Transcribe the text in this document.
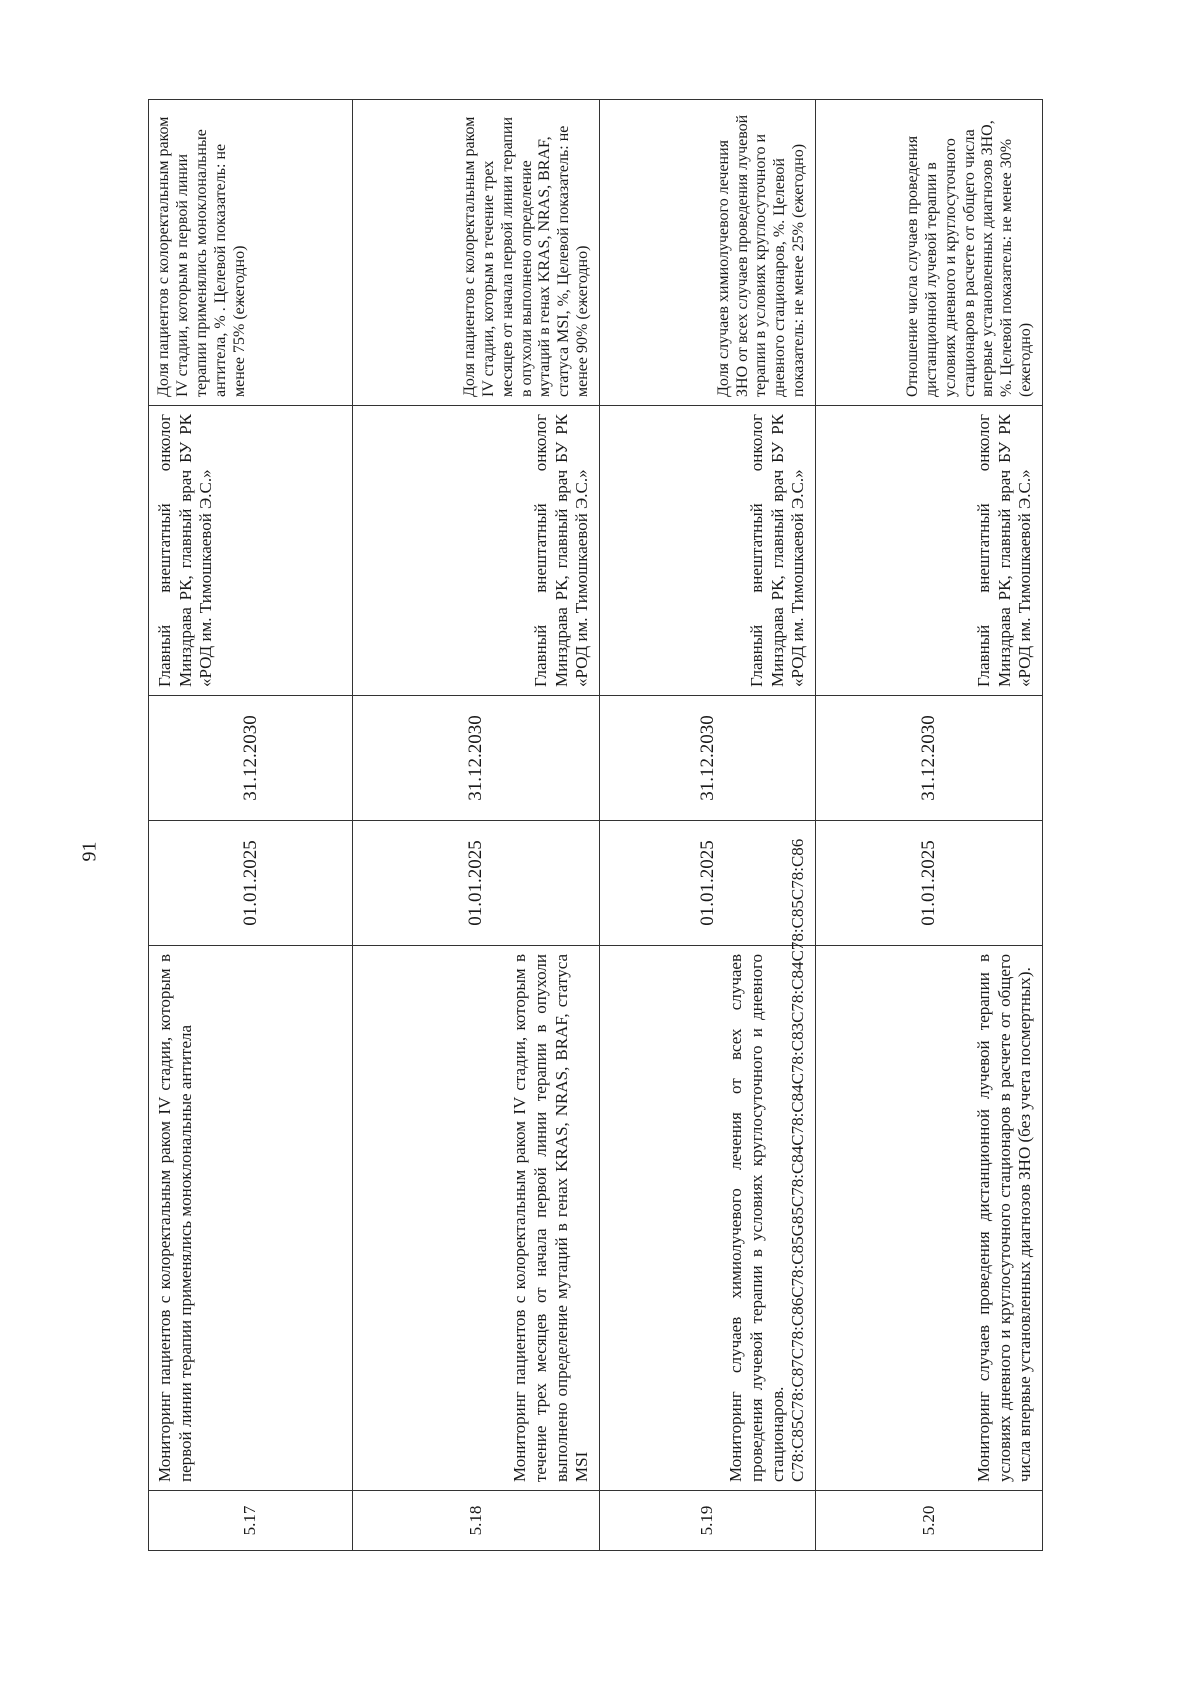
91
5.17	Мониторинг пациентов с колоректальным раком IV стадии, которым в первой линии терапии применялись моноклональные антитела	01.01.2025	31.12.2030	Главный внештатный онколог Минздрава РК, главный врач БУ РК «РОД им. Тимошкаевой Э.С.»	Доля пациентов с колоректальным раком IV стадии, которым в первой линии терапии применялись моноклональные антитела, % . Целевой показатель: не менее 75% (ежегодно)
5.18	Мониторинг пациентов с колоректальным раком IV стадии, которым в течение трех месяцев от начала первой линии терапии в опухоли выполнено определение мутаций в генах KRAS, NRAS, BRAF, статуса MSI	01.01.2025	31.12.2030	Главный внештатный онколог Минздрава РК, главный врач БУ РК «РОД им. Тимошкаевой Э.С.»	Доля пациентов с колоректальным раком IV стадии, которым в течение трех месяцев от начала первой линии терапии в опухоли выполнено определение мутаций в генах KRAS, NRAS, BRAF, статуса MSI, %, Целевой показатель: не менее 90% (ежегодно)
5.19	Мониторинг случаев химиолучевого лечения от всех случаев проведения лучевой терапии в условиях круглосуточного и дневного стационаров. С78:С85С78:С87С78:С86С78:С85G85С78:С84С78:С84С78:С83С78:С84С78:С85С78:С86	01.01.2025	31.12.2030	Главный внештатный онколог Минздрава РК, главный врач БУ РК «РОД им. Тимошкаевой Э.С.»	Доля случаев химиолучевого лечения ЗНО от всех случаев проведения лучевой терапии в условиях круглосуточного и дневного стационаров, %. Целевой показатель: не менее 25% (ежегодно)
5.20	Мониторинг случаев проведения дистанционной лучевой терапии в условиях дневного и круглосуточного стационаров в расчете от общего числа впервые установленных диагнозов ЗНО (без учета посмертных).	01.01.2025	31.12.2030	Главный внештатный онколог Минздрава РК, главный врач БУ РК «РОД им. Тимошкаевой Э.С.»	Отношение числа случаев проведения дистанционной лучевой терапии в условиях дневного и круглосуточного стационаров в расчете от общего числа впервые установленных диагнозов ЗНО, %. Целевой показатель: не менее 30% (ежегодно)
